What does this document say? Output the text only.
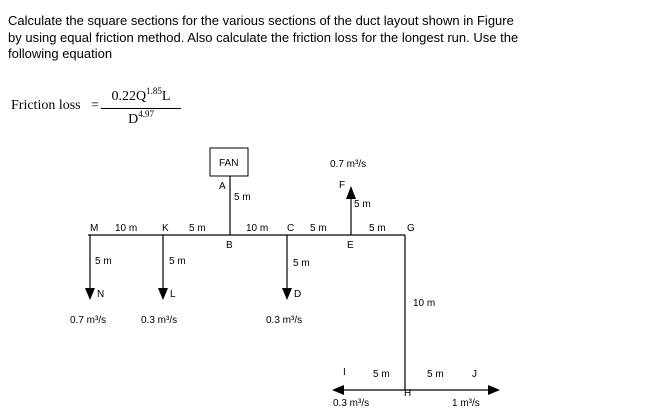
Calculate the square sections for the various sections of the duct layout shown in Figure
by using equal friction method. Also calculate the friction loss for the longest run. Use the
following equation
Friction loss =
$0.22Q^{1.85}L$
$D^{4.97}$
FAN
A
B
C
E
F
G
M	K
N	L	D
H
I	J
10 m	5 m	10 m	5 m	5 m
5 m
5 m
5 m	5 m	5 m
10 m
5 m	5 m
0.7 m³/s
0.7 m³/s	0.3 m³/s	0.3 m³/s
0.3 m³/s	1 m³/s
